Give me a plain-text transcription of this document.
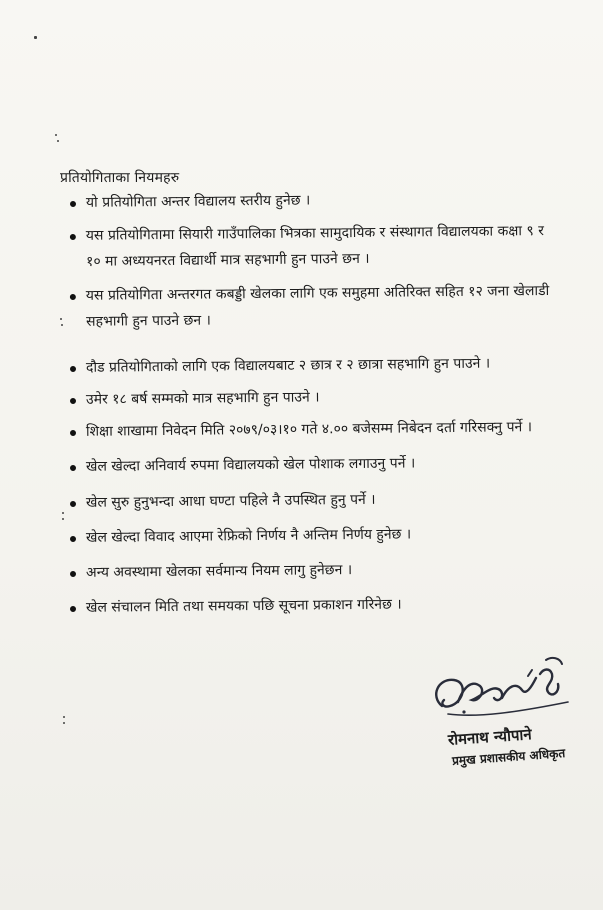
प्रतियोगिताका नियमहरु
यो प्रतियोगिता अन्तर विद्यालय स्तरीय हुनेछ ।
यस प्रतियोगितामा सियारी गाउँपालिका भित्रका सामुदायिक र संस्थागत विद्यालयका कक्षा ९ र १० मा अध्ययनरत विद्यार्थी मात्र सहभागी हुन पाउने छन ।
यस प्रतियोगिता अन्तरगत कबड्डी खेलका लागि एक समुहमा अतिरिक्त सहित १२ जना खेलाडी सहभागी हुन पाउने छन ।
दौड प्रतियोगिताको लागि एक विद्यालयबाट २ छात्र र २ छात्रा सहभागि हुन पाउने ।
उमेर १८ बर्ष सम्मको मात्र सहभागि हुन पाउने ।
शिक्षा शाखामा निवेदन मिति २०७९/०३।१० गते ४.०० बजेसम्म निबेदन दर्ता गरिसक्नु पर्ने ।
खेल खेल्दा अनिवार्य रुपमा विद्यालयको खेल पोशाक लगाउनु पर्ने ।
खेल सुरु हुनुभन्दा आधा घण्टा पहिले नै उपस्थित हुनु पर्ने ।
खेल खेल्दा विवाद आएमा रेफ्रिको निर्णय नै अन्तिम निर्णय हुनेछ ।
अन्य अवस्थामा खेलका सर्वमान्य नियम लागु हुनेछन ।
खेल संचालन मिति तथा समयका पछि सूचना प्रकाशन गरिनेछ ।
रोमनाथ न्यौपाने
प्रमुख प्रशासकीय अधिकृत
